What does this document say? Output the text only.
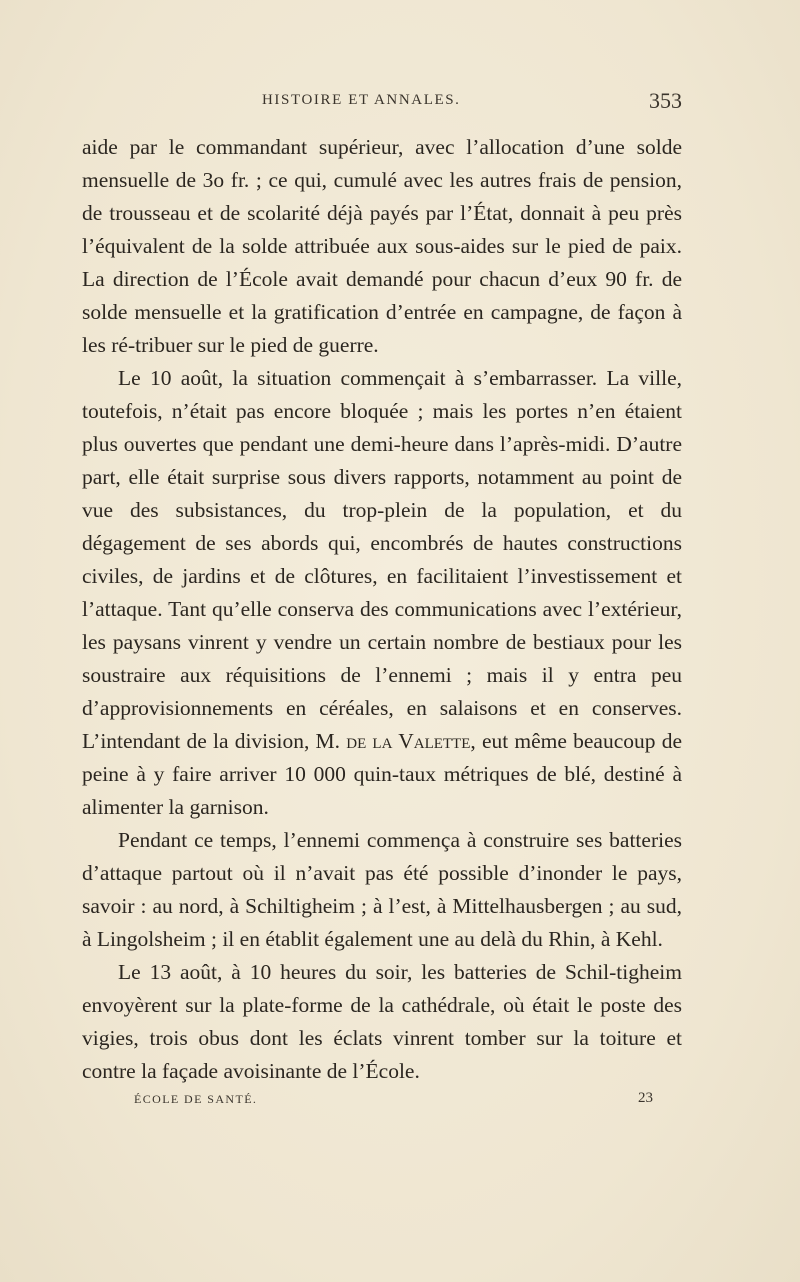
HISTOIRE ET ANNALES.	353

aide par le commandant supérieur, avec l’allocation d’une solde mensuelle de 3o fr. ; ce qui, cumulé avec les autres frais de pension, de trousseau et de scolarité déjà payés par l’État, donnait à peu près l’équivalent de la solde attribuée aux sous-aides sur le pied de paix. La direction de l’École avait demandé pour chacun d’eux 90 fr. de solde mensuelle et la gratification d’entrée en campagne, de façon à les ré-tribuer sur le pied de guerre.

Le 10 août, la situation commençait à s’embarrasser. La ville, toutefois, n’était pas encore bloquée ; mais les portes n’en étaient plus ouvertes que pendant une demi-heure dans l’après-midi. D’autre part, elle était surprise sous divers rapports, notamment au point de vue des subsistances, du trop-plein de la population, et du dégagement de ses abords qui, encombrés de hautes constructions civiles, de jardins et de clôtures, en facilitaient l’investissement et l’attaque. Tant qu’elle conserva des communications avec l’extérieur, les paysans vinrent y vendre un certain nombre de bestiaux pour les soustraire aux réquisitions de l’ennemi ; mais il y entra peu d’approvisionnements en céréales, en salaisons et en conserves. L’intendant de la division, M. de la Valette, eut même beaucoup de peine à y faire arriver 10 000 quin-taux métriques de blé, destiné à alimenter la garnison.

Pendant ce temps, l’ennemi commença à construire ses batteries d’attaque partout où il n’avait pas été possible d’inonder le pays, savoir : au nord, à Schiltigheim ; à l’est, à Mittelhausbergen ; au sud, à Lingolsheim ; il en établit également une au delà du Rhin, à Kehl.

Le 13 août, à 10 heures du soir, les batteries de Schil-tigheim envoyèrent sur la plate-forme de la cathédrale, où était le poste des vigies, trois obus dont les éclats vinrent tomber sur la toiture et contre la façade avoisinante de l’École.

ÉCOLE DE SANTÉ.	23
